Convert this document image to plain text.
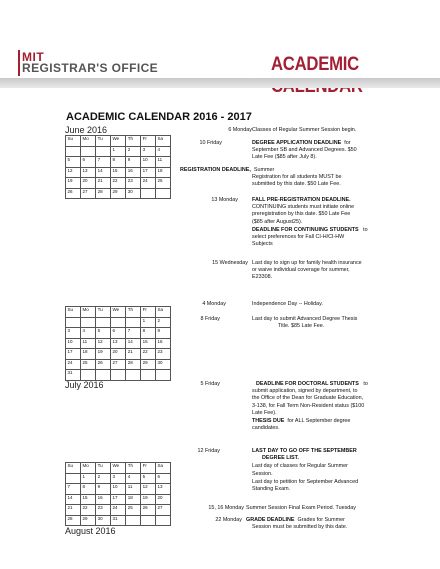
MIT
REGISTRAR'S OFFICE	ACADEMIC
ACADEMIC CALENDAR 2016 - 2017
June 2016
Su	Mo	Tu	We	Th	Fr	Sa
			1	2	3	4
5	6	7	8	9	10	11
12	13	14	15	16	17	18
19	20	21	22	23	24	25
26	27	28	29	30		
Su	Mo	Tu	We	Th	Fr	Sa
					1	2
3	4	5	6	7	8	9
10	11	12	13	14	15	16
17	18	19	20	21	22	23
24	25	26	27	28	29	30
31						
July 2016
Su	Mo	Tu	We	Th	Fr	Sa
	1	2	3	4	5	6
7	8	9	10	11	12	13
14	15	16	17	18	19	20
21	22	23	24	25	26	27
28	29	30	31			
August 2016
6 Monday Classes of Regular Summer Session begin.
10 Friday	DEGREE APPLICATION DEADLINE for
September SB and Advanced Degrees. $50
Late Fee ($85 after July 8).
REGISTRATION DEADLINE, Summer
Registration for all students MUST be
submitted by this date. $50 Late Fee.
13 Monday	FALL PRE-REGISTRATION DEADLINE.
CONTINUING students must initiate online
preregistration by this date. $50 Late Fee
($85 after August25).
DEADLINE FOR CONTINUING STUDENTS to
select preferences for Fall CI-H/CI-HW
Subjects
15 Wednesday Last day to sign up for family health insurance
or waive individual coverage for summer,
E23308.
4 Monday	Independence Day -- Holiday.
8 Friday	Last day to submit Advanced Degree Thesis
Title. $85 Late Fee.
5 Friday	DEADLINE FOR DOCTORAL STUDENTS to
submit application, signed by department, to
the Office of the Dean for Graduate Education,
3-138, for Fall Term Non-Resident status ($100
Late Fee).
THESIS DUE for ALL September degree
candidates.
12 Friday	LAST DAY TO GO OFF THE SEPTEMBER
DEGREE LIST.
Last day of classes for Regular Summer
Session.
Last day to petition for September Advanced
Standing Exam.
15, 16 Monday Summer Session Final Exam Period. Tuesday
22 Monday GRADE DEADLINE Grades for Summer
Session must be submitted by this date.
